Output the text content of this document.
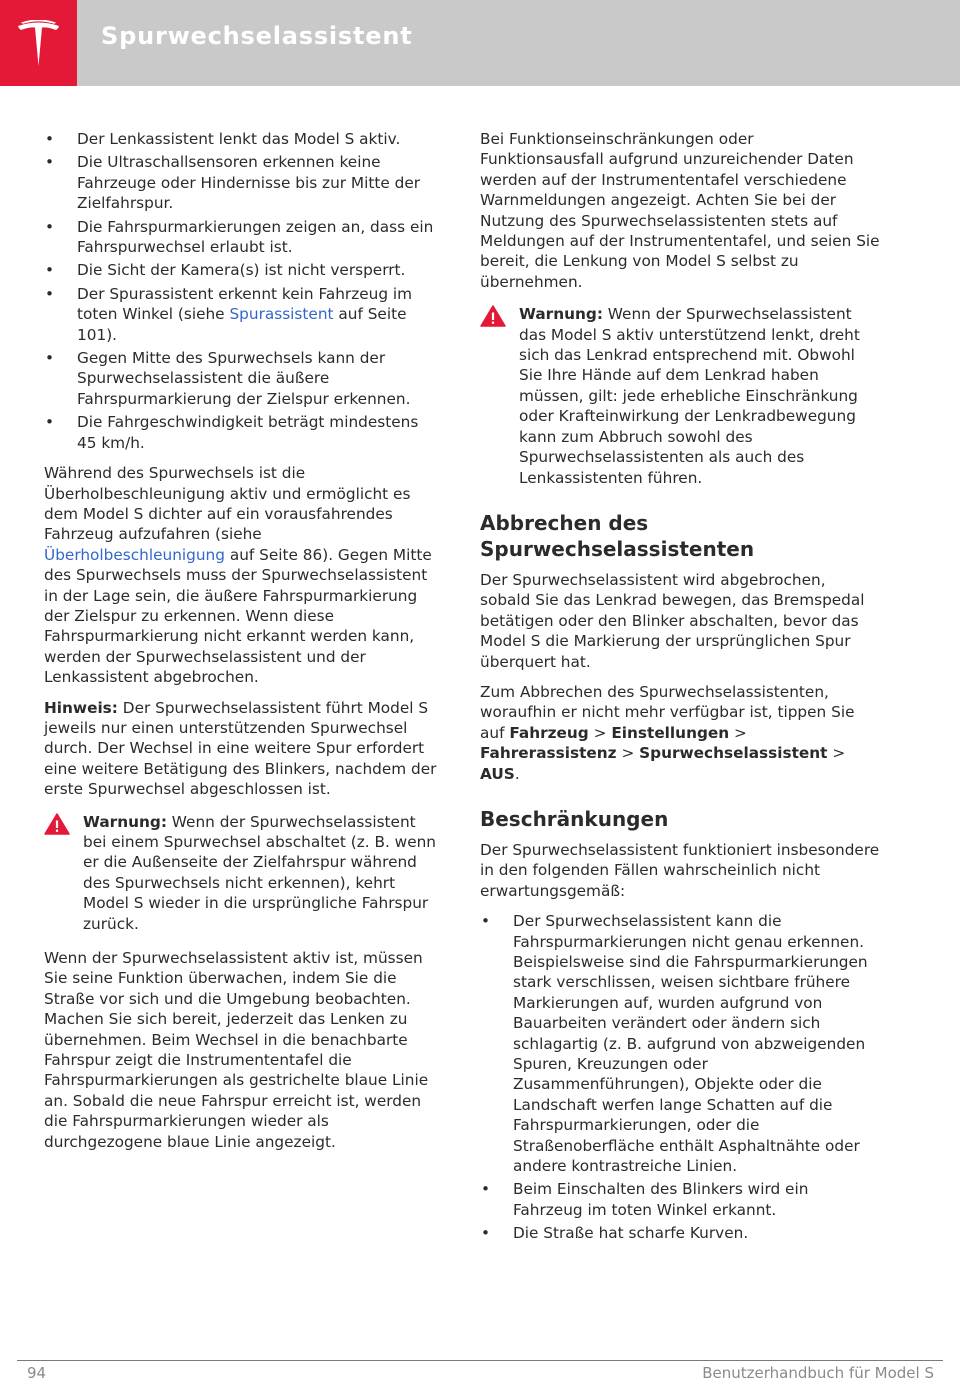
Spurwechselassistent
• Der Lenkassistent lenkt das Model S aktiv.
• Die Ultraschallsensoren erkennen keine Fahrzeuge oder Hindernisse bis zur Mitte der Zielfahrspur.
• Die Fahrspurmarkierungen zeigen an, dass ein Fahrspurwechsel erlaubt ist.
• Die Sicht der Kamera(s) ist nicht versperrt.
• Der Spurassistent erkennt kein Fahrzeug im toten Winkel (siehe Spurassistent auf Seite 101).
• Gegen Mitte des Spurwechsels kann der Spurwechselassistent die äußere Fahrspurmarkierung der Zielspur erkennen.
• Die Fahrgeschwindigkeit beträgt mindestens 45 km/h.

Während des Spurwechsels ist die Überholbeschleunigung aktiv und ermöglicht es dem Model S dichter auf ein vorausfahrendes Fahrzeug aufzufahren (siehe Überholbeschleunigung auf Seite 86). Gegen Mitte des Spurwechsels muss der Spurwechselassistent in der Lage sein, die äußere Fahrspurmarkierung der Zielspur zu erkennen. Wenn diese Fahrspurmarkierung nicht erkannt werden kann, werden der Spurwechselassistent und der Lenkassistent abgebrochen.

Hinweis: Der Spurwechselassistent führt Model S jeweils nur einen unterstützenden Spurwechsel durch. Der Wechsel in eine weitere Spur erfordert eine weitere Betätigung des Blinkers, nachdem der erste Spurwechsel abgeschlossen ist.

Warnung: Wenn der Spurwechselassistent bei einem Spurwechsel abschaltet (z. B. wenn er die Außenseite der Zielfahrspur während des Spurwechsels nicht erkennen), kehrt Model S wieder in die ursprüngliche Fahrspur zurück.

Wenn der Spurwechselassistent aktiv ist, müssen Sie seine Funktion überwachen, indem Sie die Straße vor sich und die Umgebung beobachten. Machen Sie sich bereit, jederzeit das Lenken zu übernehmen. Beim Wechsel in die benachbarte Fahrspur zeigt die Instrumententafel die Fahrspurmarkierungen als gestrichelte blaue Linie an. Sobald die neue Fahrspur erreicht ist, werden die Fahrspurmarkierungen wieder als durchgezogene blaue Linie angezeigt.

Bei Funktionseinschränkungen oder Funktionsausfall aufgrund unzureichender Daten werden auf der Instrumententafel verschiedene Warnmeldungen angezeigt. Achten Sie bei der Nutzung des Spurwechselassistenten stets auf Meldungen auf der Instrumententafel, und seien Sie bereit, die Lenkung von Model S selbst zu übernehmen.

Warnung: Wenn der Spurwechselassistent das Model S aktiv unterstützend lenkt, dreht sich das Lenkrad entsprechend mit. Obwohl Sie Ihre Hände auf dem Lenkrad haben müssen, gilt: jede erhebliche Einschränkung oder Krafteinwirkung der Lenkradbewegung kann zum Abbruch sowohl des Spurwechselassistenten als auch des Lenkassistenten führen.
Abbrechen des Spurwechselassistenten

Der Spurwechselassistent wird abgebrochen, sobald Sie das Lenkrad bewegen, das Bremspedal betätigen oder den Blinker abschalten, bevor das Model S die Markierung der ursprünglichen Spur überquert hat.

Zum Abbrechen des Spurwechselassistenten, woraufhin er nicht mehr verfügbar ist, tippen Sie auf Fahrzeug > Einstellungen > Fahrerassistenz > Spurwechselassistent > AUS.

Beschränkungen

Der Spurwechselassistent funktioniert insbesondere in den folgenden Fällen wahrscheinlich nicht erwartungsgemäß:

• Der Spurwechselassistent kann die Fahrspurmarkierungen nicht genau erkennen. Beispielsweise sind die Fahrspurmarkierungen stark verschlissen, weisen sichtbare frühere Markierungen auf, wurden aufgrund von Bauarbeiten verändert oder ändern sich schlagartig (z. B. aufgrund von abzweigenden Spuren, Kreuzungen oder Zusammenführungen), Objekte oder die Landschaft werfen lange Schatten auf die Fahrspurmarkierungen, oder die Straßenoberfläche enthält Asphaltnähte oder andere kontrastreiche Linien.
• Beim Einschalten des Blinkers wird ein Fahrzeug im toten Winkel erkannt.
• Die Straße hat scharfe Kurven.
94	Benutzerhandbuch für Model S
